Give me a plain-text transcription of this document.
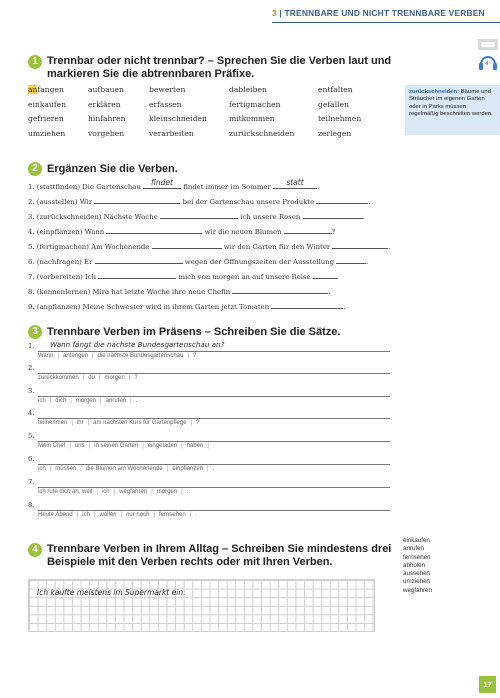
3 | TRENNBARE UND NICHT TRENNBARE VERBEN
4
1 Trennbar oder nicht trennbar? – Sprechen Sie die Verben laut und
markieren Sie die abtrennbaren Präfixe.
anfangen	aufbauen	bewerten	dableiben	entfalten
einkaufen	erklären	erfassen	fertigmachen	gefallen
gefrieren	hinfahren	kleinschneiden	mitkommen	teilnehmen
umziehen	vorgeben	verarbeiten	zurückschneiden	zerlegen
zurückschneiden: Bäume und Sträucher im eigenen Garten oder in Parks müssen regelmäßig beschnitten werden.
2 Ergänzen Sie die Verben.
1. (stattfinden) Die Gartenschau	findet	findet immer im Sommer	statt	.
2. (ausstellen) Wir	bei der Gartenschau unsere Produkte	.
3. (zurückschneiden) Nächste Woche	ich unsere Rosen	.
4. (einpflanzen) Wann	wir die neuen Blumen	?
5. (fertigmachen) Am Wochenende	wir den Garten für den Winter	.
6. (nachfragen) Er	wegen der Öffnungszeiten der Ausstellung	.
7. (vorbereiten) Ich	mich von morgen an auf unsere Reise	.
8. (kennenlernen) Mira hat letzte Woche ihre neue Chefin	.
9. (anpflanzen) Meine Schwester wird in ihrem Garten jetzt Tomaten	.
3 Trennbare Verben im Präsens – Schreiben Sie die Sätze.
1. Wann fängt die nächste Bundesgartenschau an?
Wann | anfangen | die nächste Bundesgartenschau | ?
2.
zurückkommen | du | morgen | ?
3.
ich | dich | morgen | anrufen | .
4.
teilnehmen | ihr | am nächsten Kurs für Gartenpflege | ?
5.
Mein Chef | uns | in seinen Garten | eingeladen | haben | .
6.
ich | müssen | die Blumen am Wochenende | einpflanzen | .
7.
ich rufe dich an, weil | ich | wegfahren | morgen | .
8.
Heute Abend | ich | wollen | nur noch | fernsehen | .
4 Trennbare Verben in Ihrem Alltag – Schreiben Sie mindestens drei
Beispiele mit den Verben rechts oder mit Ihren Verben.
einkaufen
anrufen
fernsehen
abholen
aussehen
umziehen
wegfahren
Ich kaufte meistens im Supermarkt ein.
17
